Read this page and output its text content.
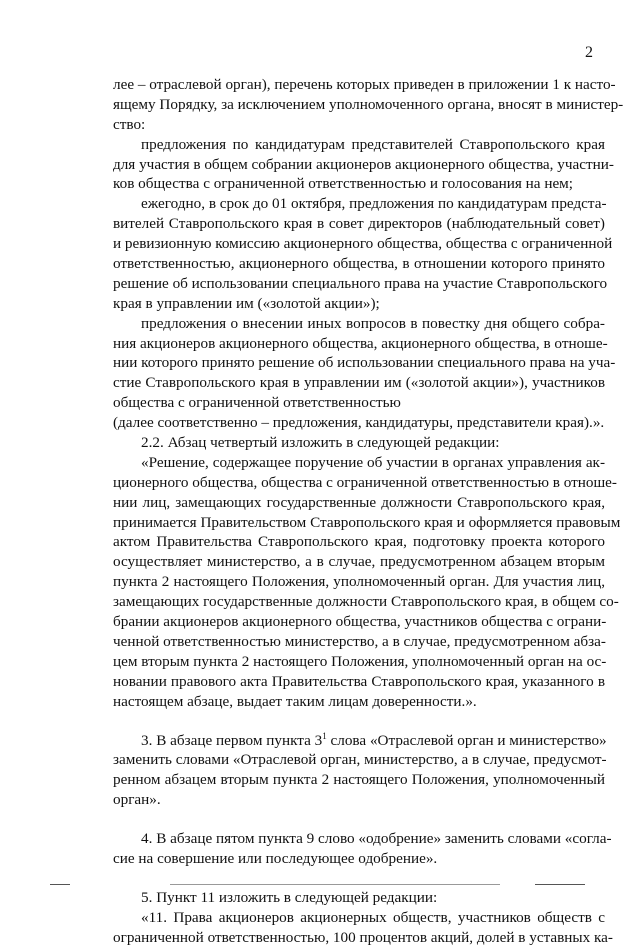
2
лее – отраслевой орган), перечень которых приведен в приложении 1 к насто-
ящему Порядку, за исключением уполномоченного органа, вносят в министер-
ство:
предложения по кандидатурам представителей Ставропольского края
для участия в общем собрании акционеров акционерного общества, участни-
ков общества с ограниченной ответственностью и голосования на нем;
ежегодно, в срок до 01 октября, предложения по кандидатурам предста-
вителей Ставропольского края в совет директоров (наблюдательный совет)
и ревизионную комиссию акционерного общества, общества с ограниченной
ответственностью, акционерного общества, в отношении которого принято
решение об использовании специального права на участие Ставропольского
края в управлении им («золотой акции»);
предложения о внесении иных вопросов в повестку дня общего собра-
ния акционеров акционерного общества, акционерного общества, в отноше-
нии которого принято решение об использовании специального права на уча-
стие Ставропольского края в управлении им («золотой акции»), участников
общества с ограниченной ответственностью
(далее соответственно – предложения, кандидатуры, представители края).».
2.2. Абзац четвертый изложить в следующей редакции:
«Решение, содержащее поручение об участии в органах управления ак-
ционерного общества, общества с ограниченной ответственностью в отноше-
нии лиц, замещающих государственные должности Ставропольского края,
принимается Правительством Ставропольского края и оформляется правовым
актом Правительства Ставропольского края, подготовку проекта которого
осуществляет министерство, а в случае, предусмотренном абзацем вторым
пункта 2 настоящего Положения, уполномоченный орган. Для участия лиц,
замещающих государственные должности Ставропольского края, в общем со-
брании акционеров акционерного общества, участников общества с ограни-
ченной ответственностью министерство, а в случае, предусмотренном абза-
цем вторым пункта 2 настоящего Положения, уполномоченный орган на ос-
новании правового акта Правительства Ставропольского края, указанного в
настоящем абзаце, выдает таким лицам доверенности.».
3. В абзаце первом пункта $3^1$ слова «Отраслевой орган и министерство»
заменить словами «Отраслевой орган, министерство, а в случае, предусмот-
ренном абзацем вторым пункта 2 настоящего Положения, уполномоченный
орган».
4. В абзаце пятом пункта 9 слово «одобрение» заменить словами «согла-
сие на совершение или последующее одобрение».
5. Пункт 11 изложить в следующей редакции:
«11. Права акционеров акционерных обществ, участников обществ с
ограниченной ответственностью, 100 процентов акций, долей в уставных ка-
